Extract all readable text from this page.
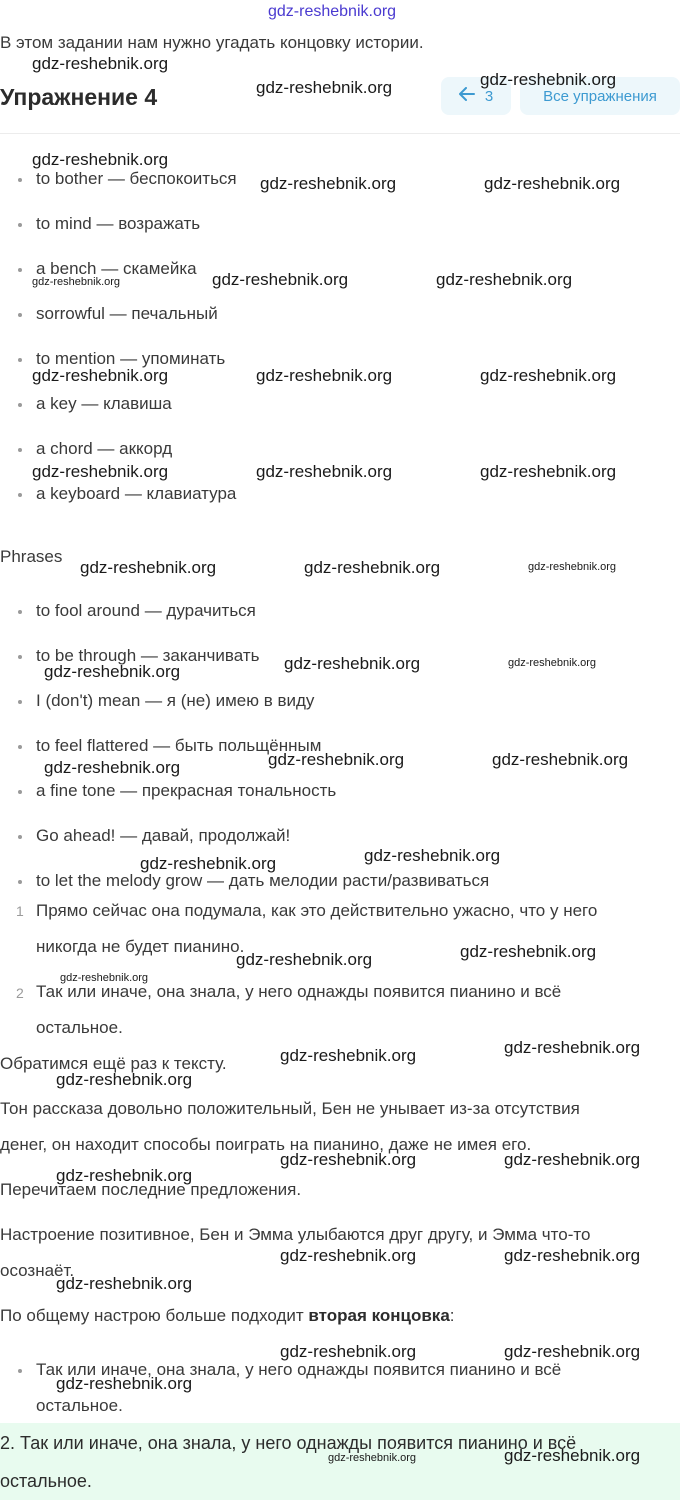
gdz-reshebnik.org
В этом задании нам нужно угадать концовку истории.
Упражнение 4	3	Все упражнения
to bother — беспокоиться
to mind — возражать
a bench — скамейка
sorrowful — печальный
to mention — упоминать
a key — клавиша
a chord — аккорд
a keyboard — клавиатура
Phrases
to fool around — дурачиться
to be through — заканчивать
I (don't) mean — я (не) имею в виду
to feel flattered — быть польщённым
a fine tone — прекрасная тональность
Go ahead! — давай, продолжай!
to let the melody grow — дать мелодии расти/развиваться
1 Прямо сейчас она подумала, как это действительно ужасно, что у него
никогда не будет пианино.
2 Так или иначе, она знала, у него однажды появится пианино и всё
остальное.
Обратимся ещё раз к тексту.
Тон рассказа довольно положительный, Бен не унывает из-за отсутствия
денег, он находит способы поиграть на пианино, даже не имея его.
Перечитаем последние предложения.
Настроение позитивное, Бен и Эмма улыбаются друг другу, и Эмма что-то
осознаёт.
По общему настрою больше подходит вторая концовка:
Так или иначе, она знала, у него однажды появится пианино и всё
остальное.
2. Так или иначе, она знала, у него однажды появится пианино и всё
остальное.
gdz-reshebnik.org
gdz-reshebnik.org	gdz-reshebnik.org
gdz-reshebnik.org
gdz-reshebnik.org	gdz-reshebnik.org
gdz-reshebnik.org	gdz-reshebnik.org	gdz-reshebnik.org
gdz-reshebnik.org	gdz-reshebnik.org	gdz-reshebnik.org
gdz-reshebnik.org	gdz-reshebnik.org	gdz-reshebnik.org
gdz-reshebnik.org	gdz-reshebnik.org	gdz-reshebnik.org
gdz-reshebnik.org	gdz-reshebnik.org	gdz-reshebnik.org
gdz-reshebnik.org	gdz-reshebnik.org	gdz-reshebnik.org
gdz-reshebnik.org	gdz-reshebnik.org
gdz-reshebnik.org	gdz-reshebnik.org
gdz-reshebnik.org
gdz-reshebnik.org	gdz-reshebnik.org
gdz-reshebnik.org
gdz-reshebnik.org	gdz-reshebnik.org
gdz-reshebnik.org
gdz-reshebnik.org	gdz-reshebnik.org
gdz-reshebnik.org
gdz-reshebnik.org	gdz-reshebnik.org
gdz-reshebnik.org
gdz-reshebnik.org	gdz-reshebnik.org
